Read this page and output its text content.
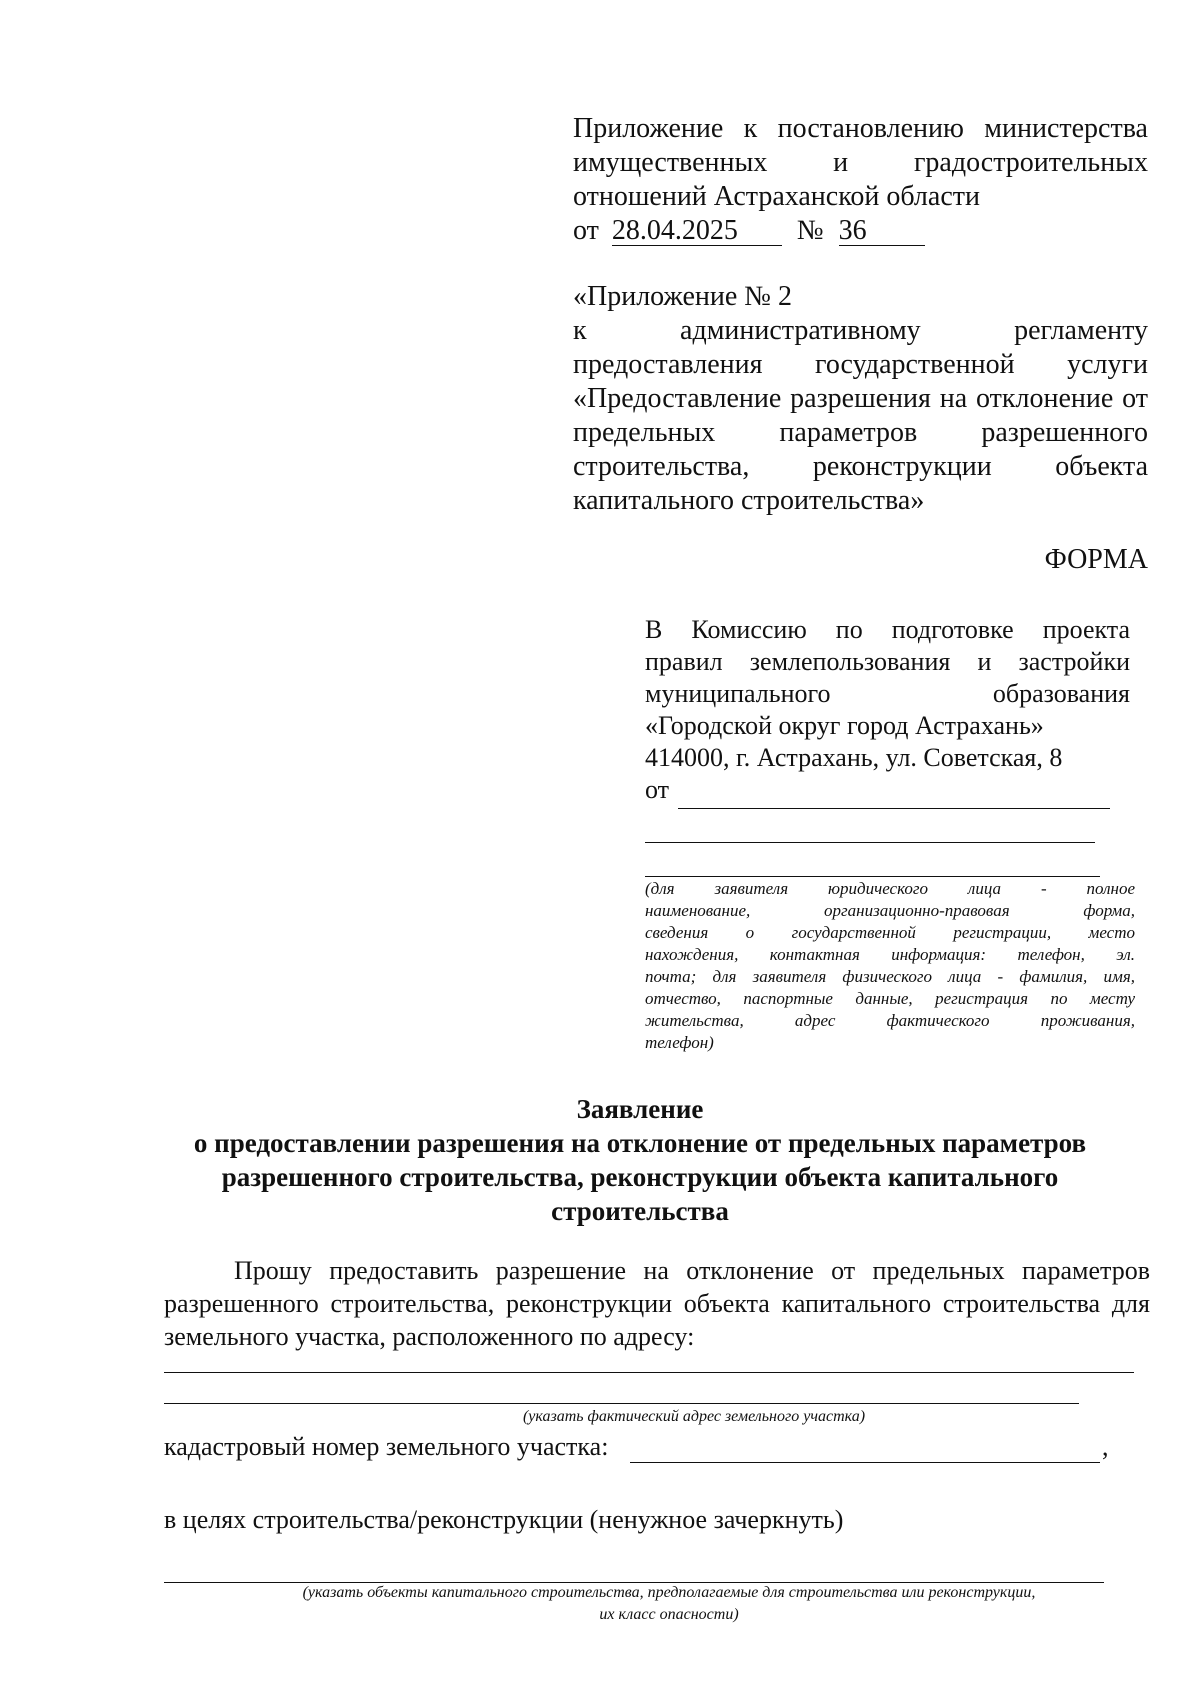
Приложение к постановлению министерства
имущественных и градостроительных
отношений Астраханской области
от 28.04.2025 № 36
«Приложение № 2
к административному регламенту
предоставления государственной услуги
«Предоставление разрешения на отклонение от
предельных параметров разрешенного
строительства, реконструкции объекта
капитального строительства»
ФОРМА
В Комиссию по подготовке проекта
правил землепользования и застройки
муниципального образования
«Городской округ город Астрахань»
414000, г. Астрахань, ул. Советская, 8
от
(для заявителя юридического лица - полное
наименование, организационно-правовая форма,
сведения о государственной регистрации, место
нахождения, контактная информация: телефон, эл.
почта; для заявителя физического лица - фамилия, имя,
отчество, паспортные данные, регистрация по месту
жительства, адрес фактического проживания,
телефон)
Заявление
о предоставлении разрешения на отклонение от предельных параметров
разрешенного строительства, реконструкции объекта капитального
строительства
Прошу предоставить разрешение на отклонение от предельных параметров
разрешенного строительства, реконструкции объекта капитального строительства для
земельного участка, расположенного по адресу:
(указать фактический адрес земельного участка)
кадастровый номер земельного участка:	,
в целях строительства/реконструкции (ненужное зачеркнуть)
(указать объекты капитального строительства, предполагаемые для строительства или реконструкции,
их класс опасности)
